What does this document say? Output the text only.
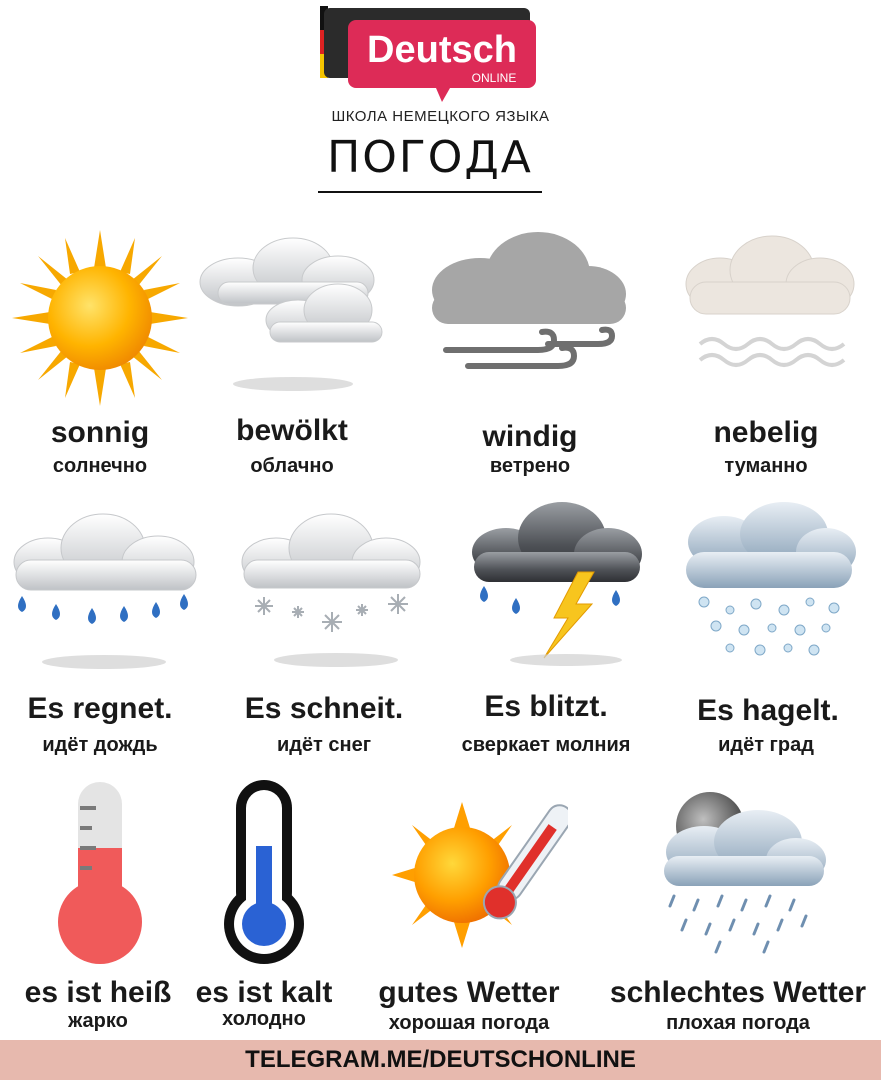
Deutsch
ONLINE
ШКОЛА НЕМЕЦКОГО ЯЗЫКА
ПОГОДА
sonnig
солнечно
bewölkt
облачно
windig
ветрено
nebelig
туманно
Es regnet.
идёт дождь
Es schneit.
идёт снег
Es blitzt.
сверкает молния
Es hagelt.
идёт град
es ist heiß
жарко
es ist kalt
холодно
gutes Wetter
хорошая погода
schlechtes Wetter
плохая погода
TELEGRAM.ME/DEUTSCHONLINE
